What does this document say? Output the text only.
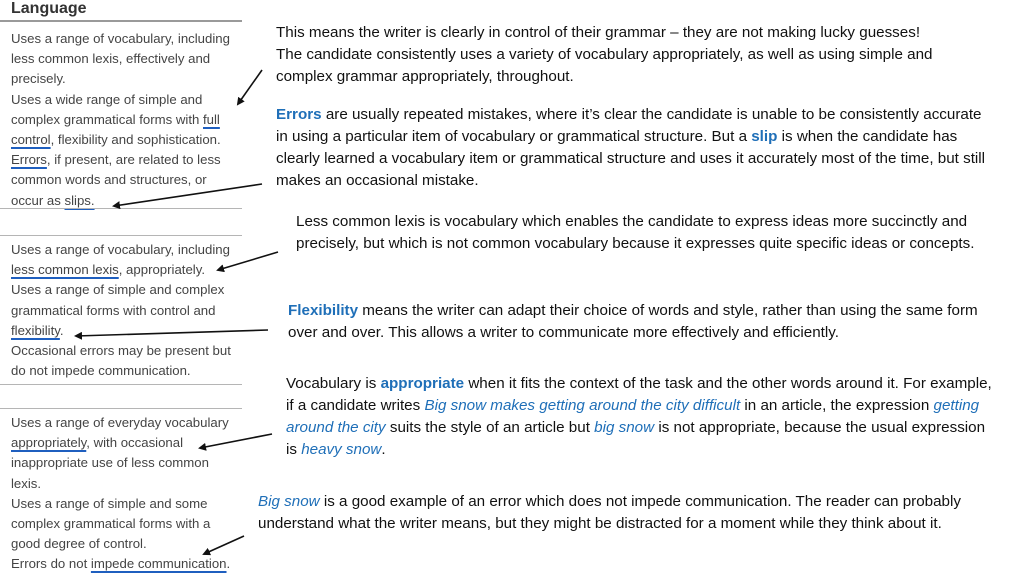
Language

Uses a range of vocabulary, including less common lexis, effectively and precisely.

Uses a wide range of simple and complex grammatical forms with full control, flexibility and sophistication.

Errors, if present, are related to less common words and structures, or occur as slips.

Uses a range of vocabulary, including less common lexis, appropriately.

Uses a range of simple and complex grammatical forms with control and flexibility.

Occasional errors may be present but do not impede communication.

Uses a range of everyday vocabulary appropriately, with occasional inappropriate use of less common lexis.

Uses a range of simple and some complex grammatical forms with a good degree of control.

Errors do not impede communication.

This means the writer is clearly in control of their grammar – they are not making lucky guesses! The candidate consistently uses a variety of vocabulary appropriately, as well as using simple and complex grammar appropriately, throughout.
Errors are usually repeated mistakes, where it’s clear the candidate is unable to be consistently accurate in using a particular item of vocabulary or grammatical structure. But a slip is when the candidate has clearly learned a vocabulary item or grammatical structure and uses it accurately most of the time, but still makes an occasional mistake.
Less common lexis is vocabulary which enables the candidate to express ideas more succinctly and precisely, but which is not common vocabulary because it expresses quite specific ideas or concepts.
Flexibility means the writer can adapt their choice of words and style, rather than using the same form over and over. This allows a writer to communicate more effectively and efficiently.
Vocabulary is appropriate when it fits the context of the task and the other words around it. For example, if a candidate writes Big snow makes getting around the city difficult in an article, the expression getting around the city suits the style of an article but big snow is not appropriate, because the usual expression is heavy snow.
Big snow is a good example of an error which does not impede communication. The reader can probably understand what the writer means, but they might be distracted for a moment while they think about it.
